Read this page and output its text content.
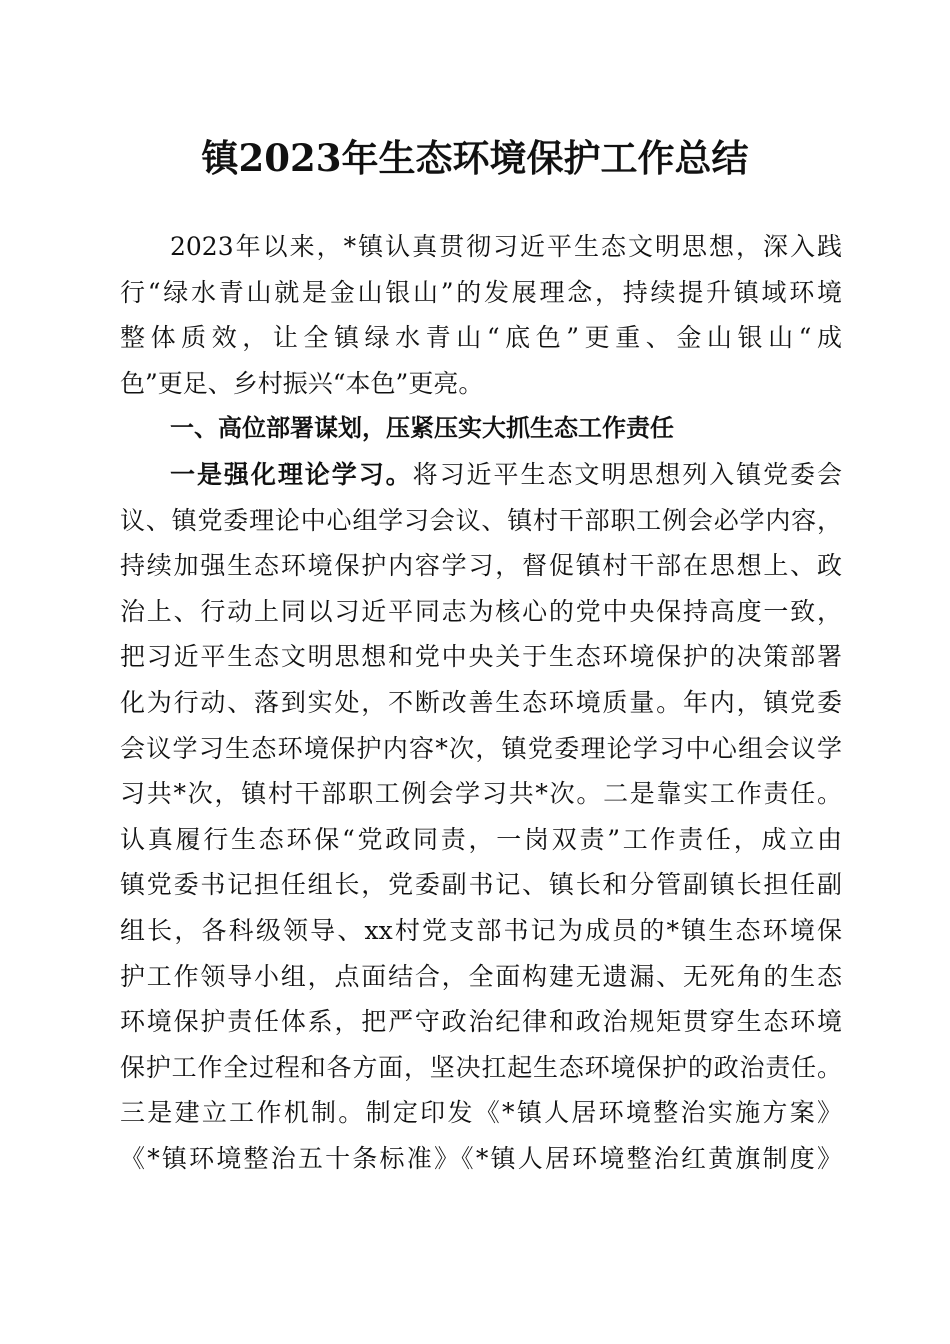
镇2023年生态环境保护工作总结
2023年以来，*镇认真贯彻习近平生态文明思想，深入践
行“绿水青山就是金山银山”的发展理念，持续提升镇域环境
整体质效，让全镇绿水青山“底色”更重、金山银山“成
色”更足、乡村振兴“本色”更亮。
一、高位部署谋划，压紧压实大抓生态工作责任
一是强化理论学习。将习近平生态文明思想列入镇党委会
议、镇党委理论中心组学习会议、镇村干部职工例会必学内容，
持续加强生态环境保护内容学习，督促镇村干部在思想上、政
治上、行动上同以习近平同志为核心的党中央保持高度一致，
把习近平生态文明思想和党中央关于生态环境保护的决策部署
化为行动、落到实处，不断改善生态环境质量。年内，镇党委
会议学习生态环境保护内容*次，镇党委理论学习中心组会议学
习共*次，镇村干部职工例会学习共*次。二是靠实工作责任。
认真履行生态环保“党政同责，一岗双责”工作责任，成立由
镇党委书记担任组长，党委副书记、镇长和分管副镇长担任副
组长，各科级领导、xx村党支部书记为成员的*镇生态环境保
护工作领导小组，点面结合，全面构建无遗漏、无死角的生态
环境保护责任体系，把严守政治纪律和政治规矩贯穿生态环境
保护工作全过程和各方面，坚决扛起生态环境保护的政治责任。
三是建立工作机制。制定印发《*镇人居环境整治实施方案》
《*镇环境整治五十条标准》《*镇人居环境整治红黄旗制度》
